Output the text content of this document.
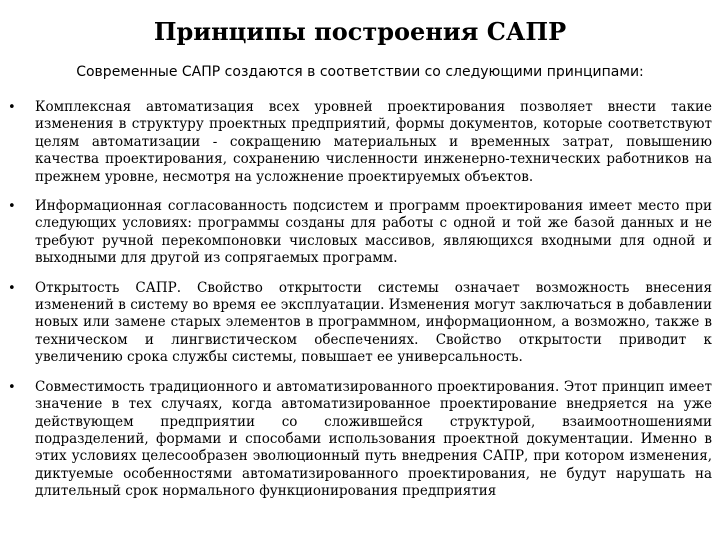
Принципы построения САПР

Современные САПР создаются в соответствии со следующими принципами:

• Комплексная автоматизация всех уровней проектирования позволяет внести такие изменения в структуру проектных предприятий, формы документов, которые соответствуют целям автоматизации - сокращению материальных и временных затрат, повышению качества проектирования, сохранению численности инженерно-технических работников на прежнем уровне, несмотря на усложнение проектируемых объектов.
• Информационная согласованность подсистем и программ проектирования имеет место при следующих условиях: программы созданы для работы с одной и той же базой данных и не требуют ручной перекомпоновки числовых массивов, являющихся входными для одной и выходными для другой из сопрягаемых программ.
• Открытость САПР. Свойство открытости системы означает возможность внесения изменений в систему во время ее эксплуатации. Изменения могут заключаться в добавлении новых или замене старых элементов в программном, информационном, а возможно, также в техническом и лингвистическом обеспечениях. Свойство открытости приводит к увеличению срока службы системы, повышает ее универсальность.
• Совместимость традиционного и автоматизированного проектирования. Этот принцип имеет значение в тех случаях, когда автоматизированное проектирование внедряется на уже действующем предприятии со сложившейся структурой, взаимоотношениями подразделений, формами и способами использования проектной документации. Именно в этих условиях целесообразен эволюционный путь внедрения САПР, при котором изменения, диктуемые особенностями автоматизированного проектирования, не будут нарушать на длительный срок нормального функционирования предприятия
